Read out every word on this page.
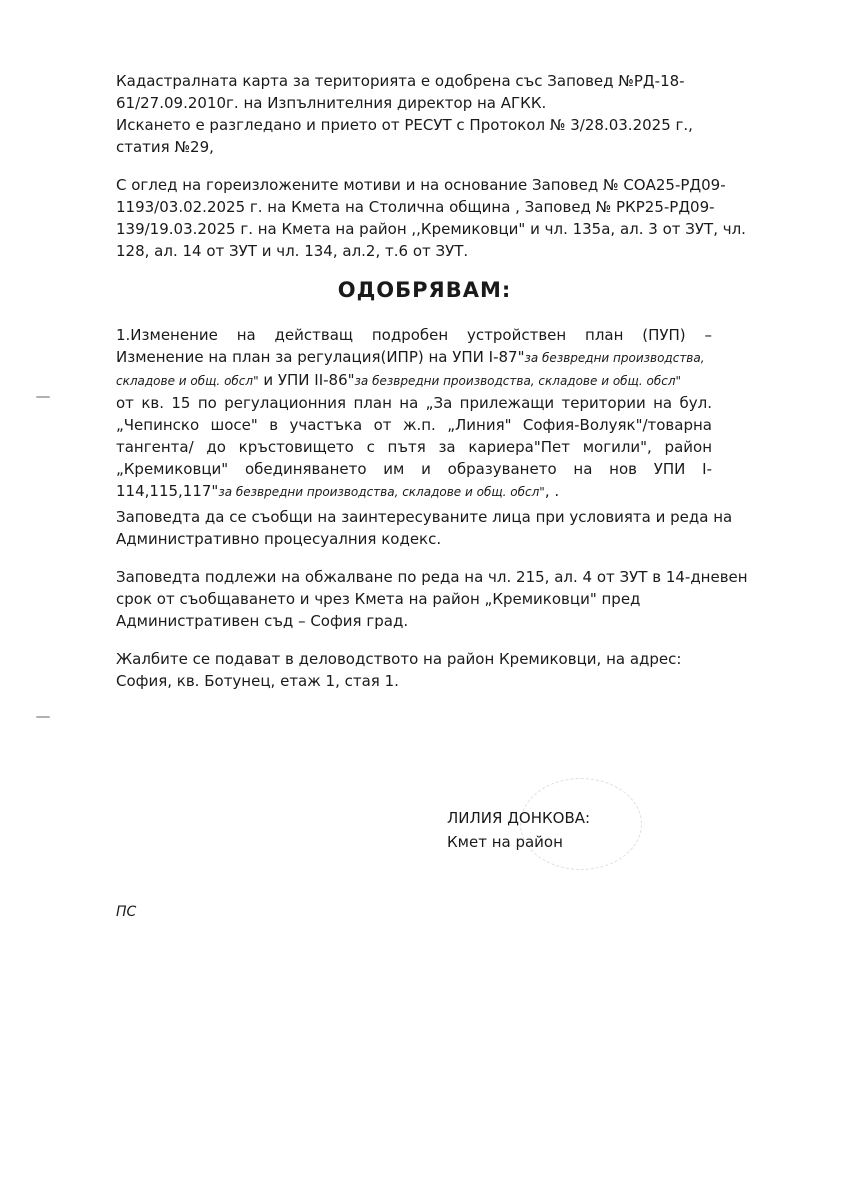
Кадастралната карта за територията е одобрена със Заповед №РД-18-
61/27.09.2010г. на Изпълнителния директор на АГКК.
Искането е разгледано и прието от РЕСУТ с Протокол № 3/28.03.2025 г.,
статия №29,

С оглед на гореизложените мотиви и на основание Заповед № СОА25-РД09-
1193/03.02.2025 г. на Кмета на Столична община , Заповед № РКР25-РД09-
139/19.03.2025 г. на Кмета на район ,,Кремиковци" и чл. 135а, ал. 3 от ЗУТ, чл.
128, ал. 14 от ЗУТ и чл. 134, ал.2, т.6 от ЗУТ.

ОДОБРЯВАМ:
1.Изменение на действащ подробен устройствен план (ПУП) –
Изменение на план за регулация(ИПР) на УПИ I-87"за безвредни производства,
складове и общ. обсл" и УПИ II-86"за безвредни производства, складове и общ. обсл"
от кв. 15 по регулационния план на „За прилежащи територии на бул.
„Чепинско шосе" в участъка от ж.п. „Линия" София-Волуяк"/товарна
тангента/ до кръстовището с пътя за кариера"Пет могили", район
„Кремиковци" обединяването им и образуването на нов УПИ I-
114,115,117"за безвредни производства, складове и общ. обсл", .

Заповедта да се съобщи на заинтересуваните лица при условията и реда на
Административно процесуалния кодекс.

Заповедта подлежи на обжалване по реда на чл. 215, ал. 4 от ЗУТ в 14-дневен
срок от съобщаването и чрез Кмета на район „Кремиковци" пред
Административен съд – София град.

Жалбите се подават в деловодството на район Кремиковци, на адрес:
София, кв. Ботунец, етаж 1, стая 1.

ЛИЛИЯ ДОНКОВА:
Кмет на район
ПС
